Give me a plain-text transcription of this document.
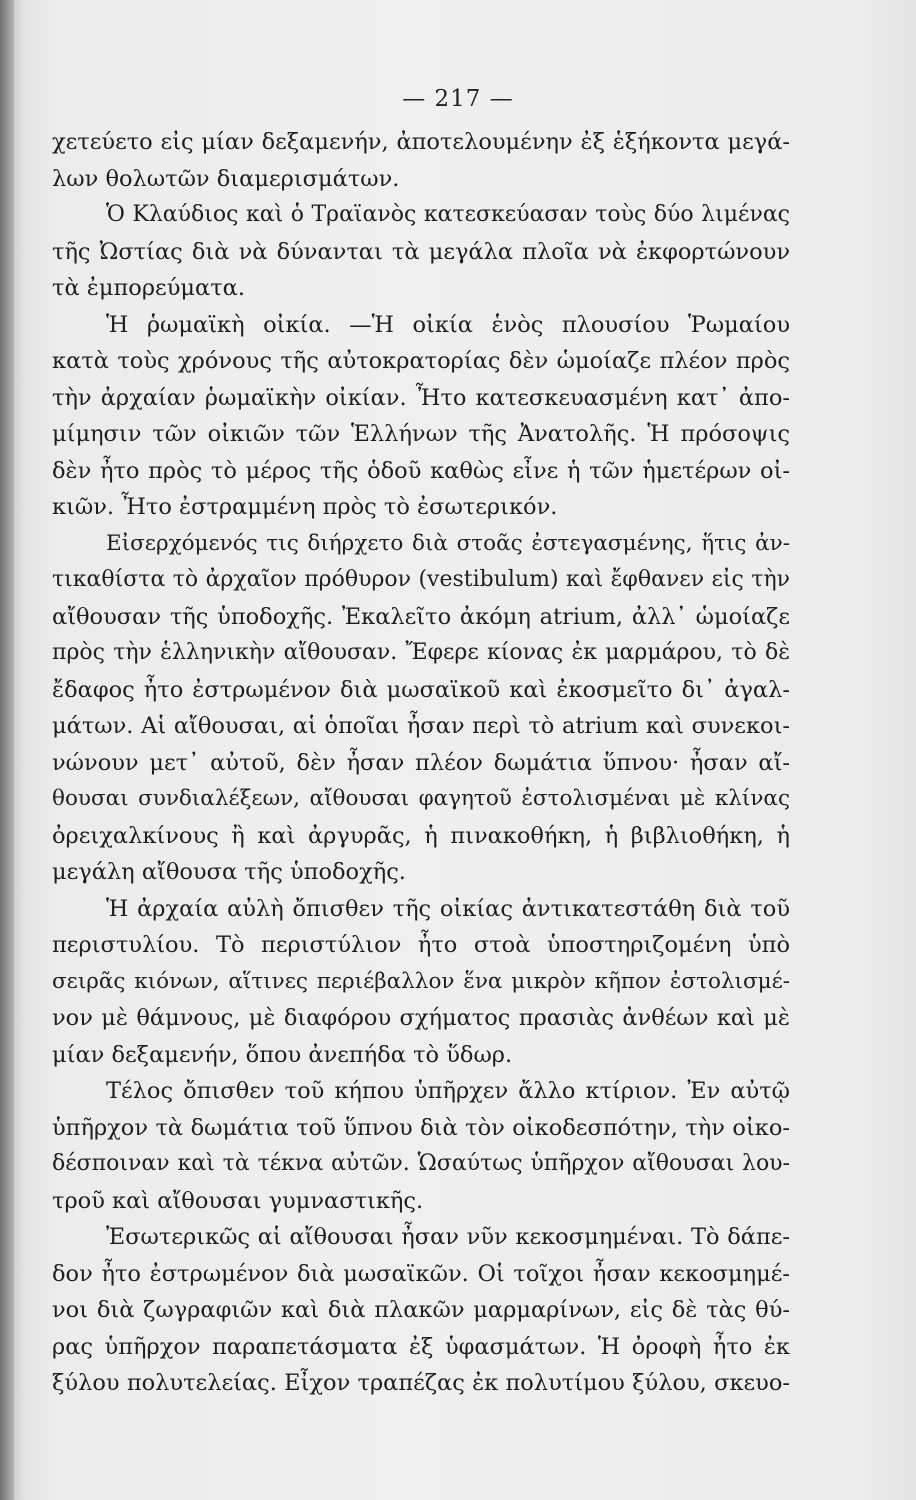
— 217 —
χετεύετο εἰς μίαν δεξαμενήν, ἀποτελουμένην ἐξ ἑξήκοντα μεγά-
λων θολωτῶν διαμερισμάτων.
Ὁ Κλαύδιος καὶ ὁ Τραϊανὸς κατεσκεύασαν τοὺς δύο λιμένας
τῆς Ὠστίας διὰ νὰ δύνανται τὰ μεγάλα πλοῖα νὰ ἐκφορτώνουν
τὰ ἐμπορεύματα.
Ἡ ῥωμαϊκὴ οἰκία. —Ἡ οἰκία ἑνὸς πλουσίου Ῥωμαίου
κατὰ τοὺς χρόνους τῆς αὐτοκρατορίας δὲν ὡμοίαζε πλέον πρὸς
τὴν ἀρχαίαν ῥωμαϊκὴν οἰκίαν. Ἦτο κατεσκευασμένη κατ᾿ ἀπο-
μίμησιν τῶν οἰκιῶν τῶν Ἑλλήνων τῆς Ἀνατολῆς. Ἡ πρόσοψις
δὲν ἦτο πρὸς τὸ μέρος τῆς ὁδοῦ καθὼς εἶνε ἡ τῶν ἡμετέρων οἰ-
κιῶν. Ἦτο ἐστραμμένη πρὸς τὸ ἐσωτερικόν.
Εἰσερχόμενός τις διήρχετο διὰ στοᾶς ἐστεγασμένης, ἥτις ἀν-
τικαθίστα τὸ ἀρχαῖον πρόθυρον (vestibulum) καὶ ἔφθανεν εἰς τὴν
αἴθουσαν τῆς ὑποδοχῆς. Ἐκαλεῖτο ἀκόμη atrium, ἀλλ᾿ ὡμοίαζε
πρὸς τὴν ἑλληνικὴν αἴθουσαν. Ἔφερε κίονας ἐκ μαρμάρου, τὸ δὲ
ἔδαφος ἦτο ἐστρωμένον διὰ μωσαϊκοῦ καὶ ἐκοσμεῖτο δι᾿ ἀγαλ-
μάτων. Αἱ αἴθουσαι, αἱ ὁποῖαι ἦσαν περὶ τὸ atrium καὶ συνεκοι-
νώνουν μετ᾿ αὐτοῦ, δὲν ἦσαν πλέον δωμάτια ὕπνου· ἦσαν αἴ-
θουσαι συνδιαλέξεων, αἴθουσαι φαγητοῦ ἐστολισμέναι μὲ κλίνας
ὀρειχαλκίνους ἢ καὶ ἀργυρᾶς, ἡ πινακοθήκη, ἡ βιβλιοθήκη, ἡ
μεγάλη αἴθουσα τῆς ὑποδοχῆς.
Ἡ ἀρχαία αὐλὴ ὄπισθεν τῆς οἰκίας ἀντικατεστάθη διὰ τοῦ
περιστυλίου. Τὸ περιστύλιον ἦτο στοὰ ὑποστηριζομένη ὑπὸ
σειρᾶς κιόνων, αἵτινες περιέβαλλον ἕνα μικρὸν κῆπον ἐστολισμέ-
νον μὲ θάμνους, μὲ διαφόρου σχήματος πρασιὰς ἀνθέων καὶ μὲ
μίαν δεξαμενήν, ὅπου ἀνεπήδα τὸ ὕδωρ.
Τέλος ὄπισθεν τοῦ κήπου ὑπῆρχεν ἄλλο κτίριον. Ἐν αὐτῷ
ὑπῆρχον τὰ δωμάτια τοῦ ὕπνου διὰ τὸν οἰκοδεσπότην, τὴν οἰκο-
δέσποιναν καὶ τὰ τέκνα αὐτῶν. Ὡσαύτως ὑπῆρχον αἴθουσαι λου-
τροῦ καὶ αἴθουσαι γυμναστικῆς.
Ἐσωτερικῶς αἱ αἴθουσαι ἦσαν νῦν κεκοσμημέναι. Τὸ δάπε-
δον ἦτο ἐστρωμένον διὰ μωσαϊκῶν. Οἱ τοῖχοι ἦσαν κεκοσμημέ-
νοι διὰ ζωγραφιῶν καὶ διὰ πλακῶν μαρμαρίνων, εἰς δὲ τὰς θύ-
ρας ὑπῆρχον παραπετάσματα ἐξ ὑφασμάτων. Ἡ ὀροφὴ ἦτο ἐκ
ξύλου πολυτελείας. Εἶχον τραπέζας ἐκ πολυτίμου ξύλου, σκευο-
